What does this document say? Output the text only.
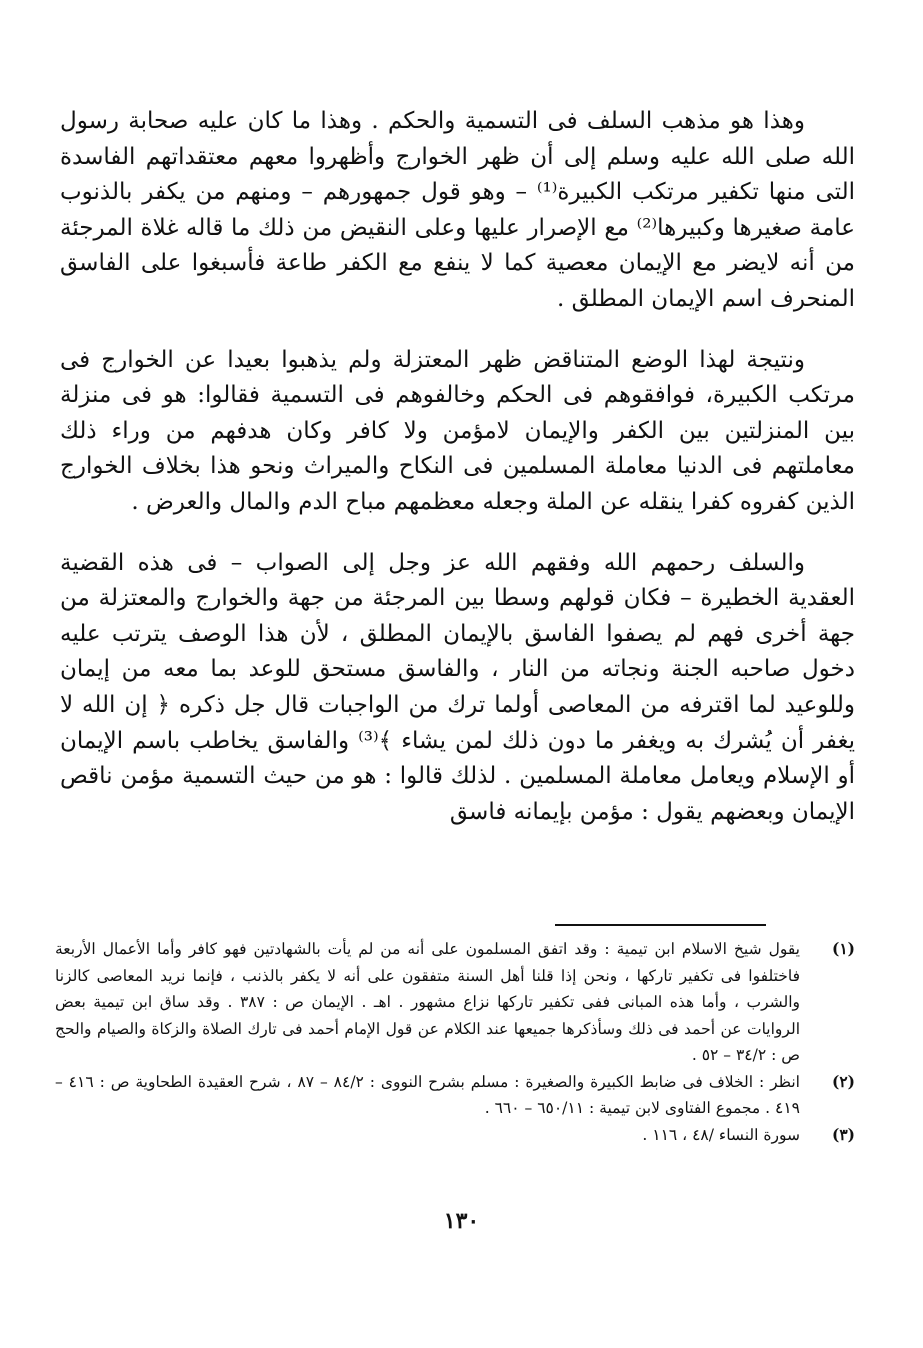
وهذا هو مذهب السلف فى التسمية والحكم . وهذا ما كان عليه صحابة رسول الله صلى الله عليه وسلم إلى أن ظهر الخوارج وأظهروا معهم معتقداتهم الفاسدة التى منها تكفير مرتكب الكبيرة⁽¹⁾ – وهو قول جمهورهم – ومنهم من يكفر بالذنوب عامة صغيرها وكبيرها⁽²⁾ مع الإصرار عليها وعلى النقيض من ذلك ما قاله غلاة المرجئة من أنه لايضر مع الإيمان معصية كما لا ينفع مع الكفر طاعة فأسبغوا على الفاسق المنحرف اسم الإيمان المطلق .

ونتيجة لهذا الوضع المتناقض ظهر المعتزلة ولم يذهبوا بعيدا عن الخوارج فى مرتكب الكبيرة، فوافقوهم فى الحكم وخالفوهم فى التسمية فقالوا: هو فى منزلة بين المنزلتين بين الكفر والإيمان لامؤمن ولا كافر وكان هدفهم من وراء ذلك معاملتهم فى الدنيا معاملة المسلمين فى النكاح والميراث ونحو هذا بخلاف الخوارج الذين كفروه كفرا ينقله عن الملة وجعله معظمهم مباح الدم والمال والعرض .

والسلف رحمهم الله وفقهم الله عز وجل إلى الصواب – فى هذه القضية العقدية الخطيرة – فكان قولهم وسطا بين المرجئة من جهة والخوارج والمعتزلة من جهة أخرى فهم لم يصفوا الفاسق بالإيمان المطلق ، لأن هذا الوصف يترتب عليه دخول صاحبه الجنة ونجاته من النار ، والفاسق مستحق للوعد بما معه من إيمان وللوعيد لما اقترفه من المعاصى أولما ترك من الواجبات قال جل ذكره ﴿ إن الله لا يغفر أن يُشرك به ويغفر ما دون ذلك لمن يشاء ﴾⁽³⁾ والفاسق يخاطب باسم الإيمان أو الإسلام ويعامل معاملة المسلمين . لذلك قالوا : هو من حيث التسمية مؤمن ناقص الإيمان وبعضهم يقول : مؤمن بإيمانه فاسق

(١)
يقول شيخ الاسلام ابن تيمية : وقد اتفق المسلمون على أنه من لم يأت بالشهادتين فهو كافر وأما الأعمال الأربعة فاختلفوا فى تكفير تاركها ، ونحن إذا قلنا أهل السنة متفقون على أنه لا يكفر بالذنب ، فإنما نريد المعاصى كالزنا والشرب ، وأما هذه المبانى ففى تكفير تاركها نزاع مشهور . اهـ . الإيمان ص : ٣٨٧ . وقد ساق ابن تيمية بعض الروايات عن أحمد فى ذلك وسأذكرها جميعها عند الكلام عن قول الإمام أحمد فى تارك الصلاة والزكاة والصيام والحج ص : ٣٤/٢ – ٥٢ .

(٢)
انظر : الخلاف فى ضابط الكبيرة والصغيرة : مسلم بشرح النووى : ٨٤/٢ – ٨٧ ، شرح العقيدة الطحاوية ص : ٤١٦ – ٤١٩ . مجموع الفتاوى لابن تيمية : ٦٥٠/١١ – ٦٦٠ .

(٣)
سورة النساء /٤٨ ، ١١٦ .

١٣٠
